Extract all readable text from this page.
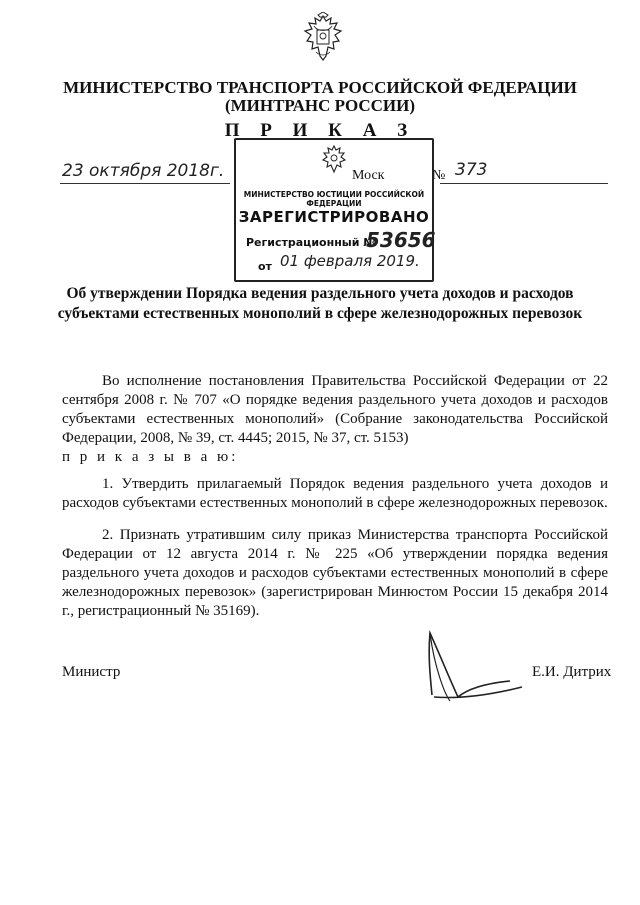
МИНИСТЕРСТВО ТРАНСПОРТА РОССИЙСКОЙ ФЕДЕРАЦИИ
(МИНТРАНС РОССИИ)
П Р И К А З
23 октября 2018г.	Моск	№ 373
МИНИСТЕРСТВО ЮСТИЦИИ РОССИЙСКОЙ ФЕДЕРАЦИИ
ЗАРЕГИСТРИРОВАНО
Регистрационный №
53656
от 01 февраля 2019.
Об утверждении Порядка ведения раздельного учета доходов и расходов
субъектами естественных монополий в сфере железнодорожных перевозок

Во исполнение постановления Правительства Российской Федерации от 22 сентября 2008 г. № 707 «О порядке ведения раздельного учета доходов и расходов субъектами естественных монополий» (Собрание законодательства Российской Федерации, 2008, № 39, ст. 4445; 2015, № 37, ст. 5153)

п р и к а з ы в а ю:

1. Утвердить прилагаемый Порядок ведения раздельного учета доходов и расходов субъектами естественных монополий в сфере железнодорожных перевозок.

2. Признать утратившим силу приказ Министерства транспорта Российской Федерации от 12 августа 2014 г. № 225 «Об утверждении порядка ведения раздельного учета доходов и расходов субъектами естественных монополий в сфере железнодорожных перевозок» (зарегистрирован Минюстом России 15 декабря 2014 г., регистрационный № 35169).

Министр	Е.И. Дитрих
